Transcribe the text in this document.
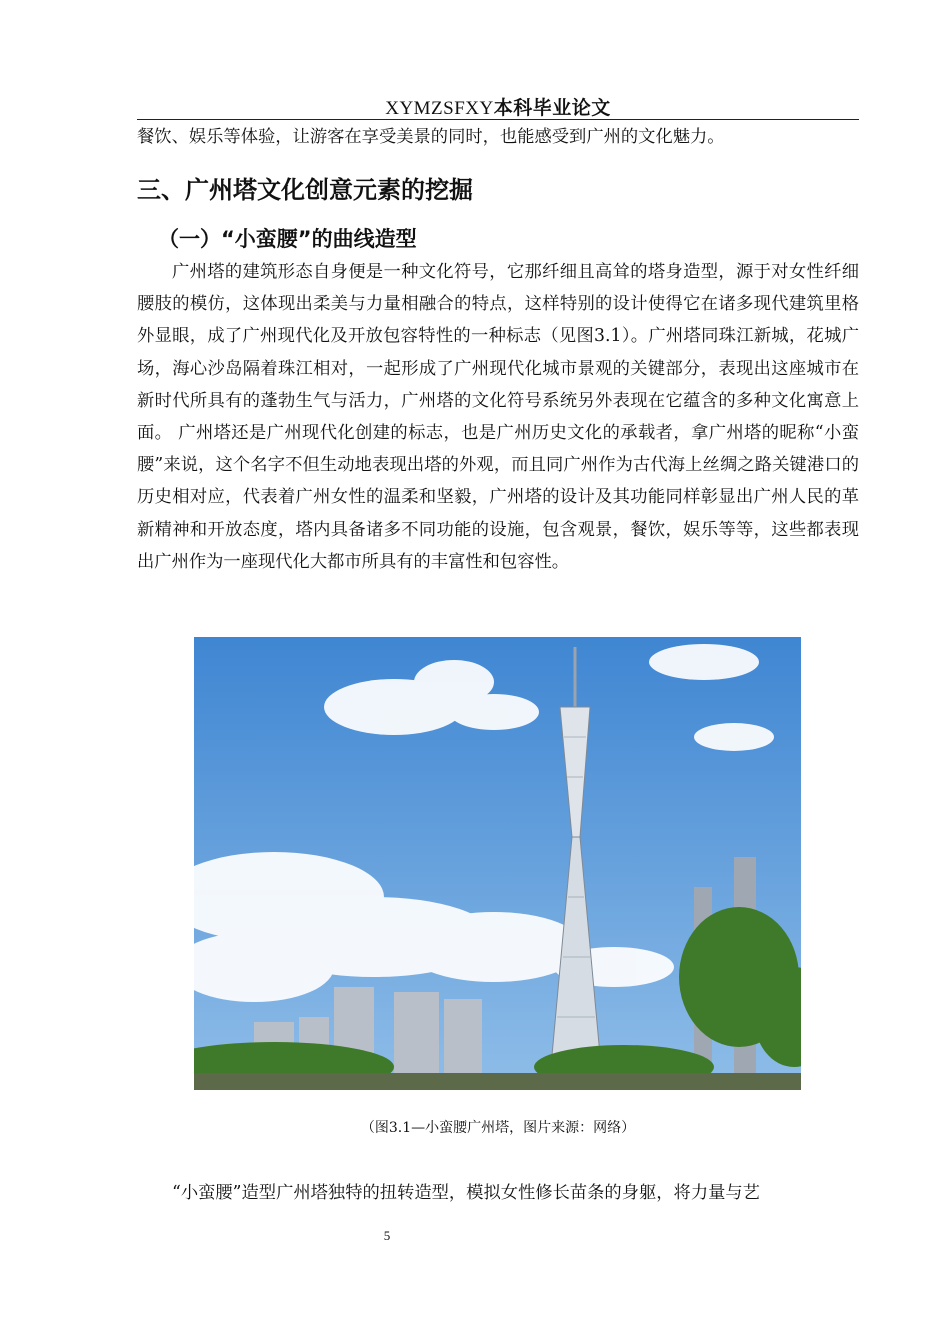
XYMZSFXY本科毕业论文

餐饮、娱乐等体验，让游客在享受美景的同时，也能感受到广州的文化魅力。

三、广州塔文化创意元素的挖掘
（一）“小蛮腰”的曲线造型

广州塔的建筑形态自身便是一种文化符号，它那纤细且高耸的塔身造型，源于对女性纤细腰肢的模仿，这体现出柔美与力量相融合的特点，这样特别的设计使得它在诸多现代建筑里格外显眼，成了广州现代化及开放包容特性的一种标志（见图3.1）。广州塔同珠江新城，花城广场，海心沙岛隔着珠江相对，一起形成了广州现代化城市景观的关键部分，表现出这座城市在新时代所具有的蓬勃生气与活力，广州塔的文化符号系统另外表现在它蕴含的多种文化寓意上面。 广州塔还是广州现代化创建的标志，也是广州历史文化的承载者，拿广州塔的昵称“小蛮腰”来说，这个名字不但生动地表现出塔的外观，而且同广州作为古代海上丝绸之路关键港口的历史相对应，代表着广州女性的温柔和坚毅，广州塔的设计及其功能同样彰显出广州人民的革新精神和开放态度，塔内具备诸多不同功能的设施，包含观景，餐饮，娱乐等等，这些都表现出广州作为一座现代化大都市所具有的丰富性和包容性。

（图3.1—小蛮腰广州塔，图片来源：网络）

“小蛮腰”造型广州塔独特的扭转造型，模拟女性修长苗条的身躯，将力量与艺

5
